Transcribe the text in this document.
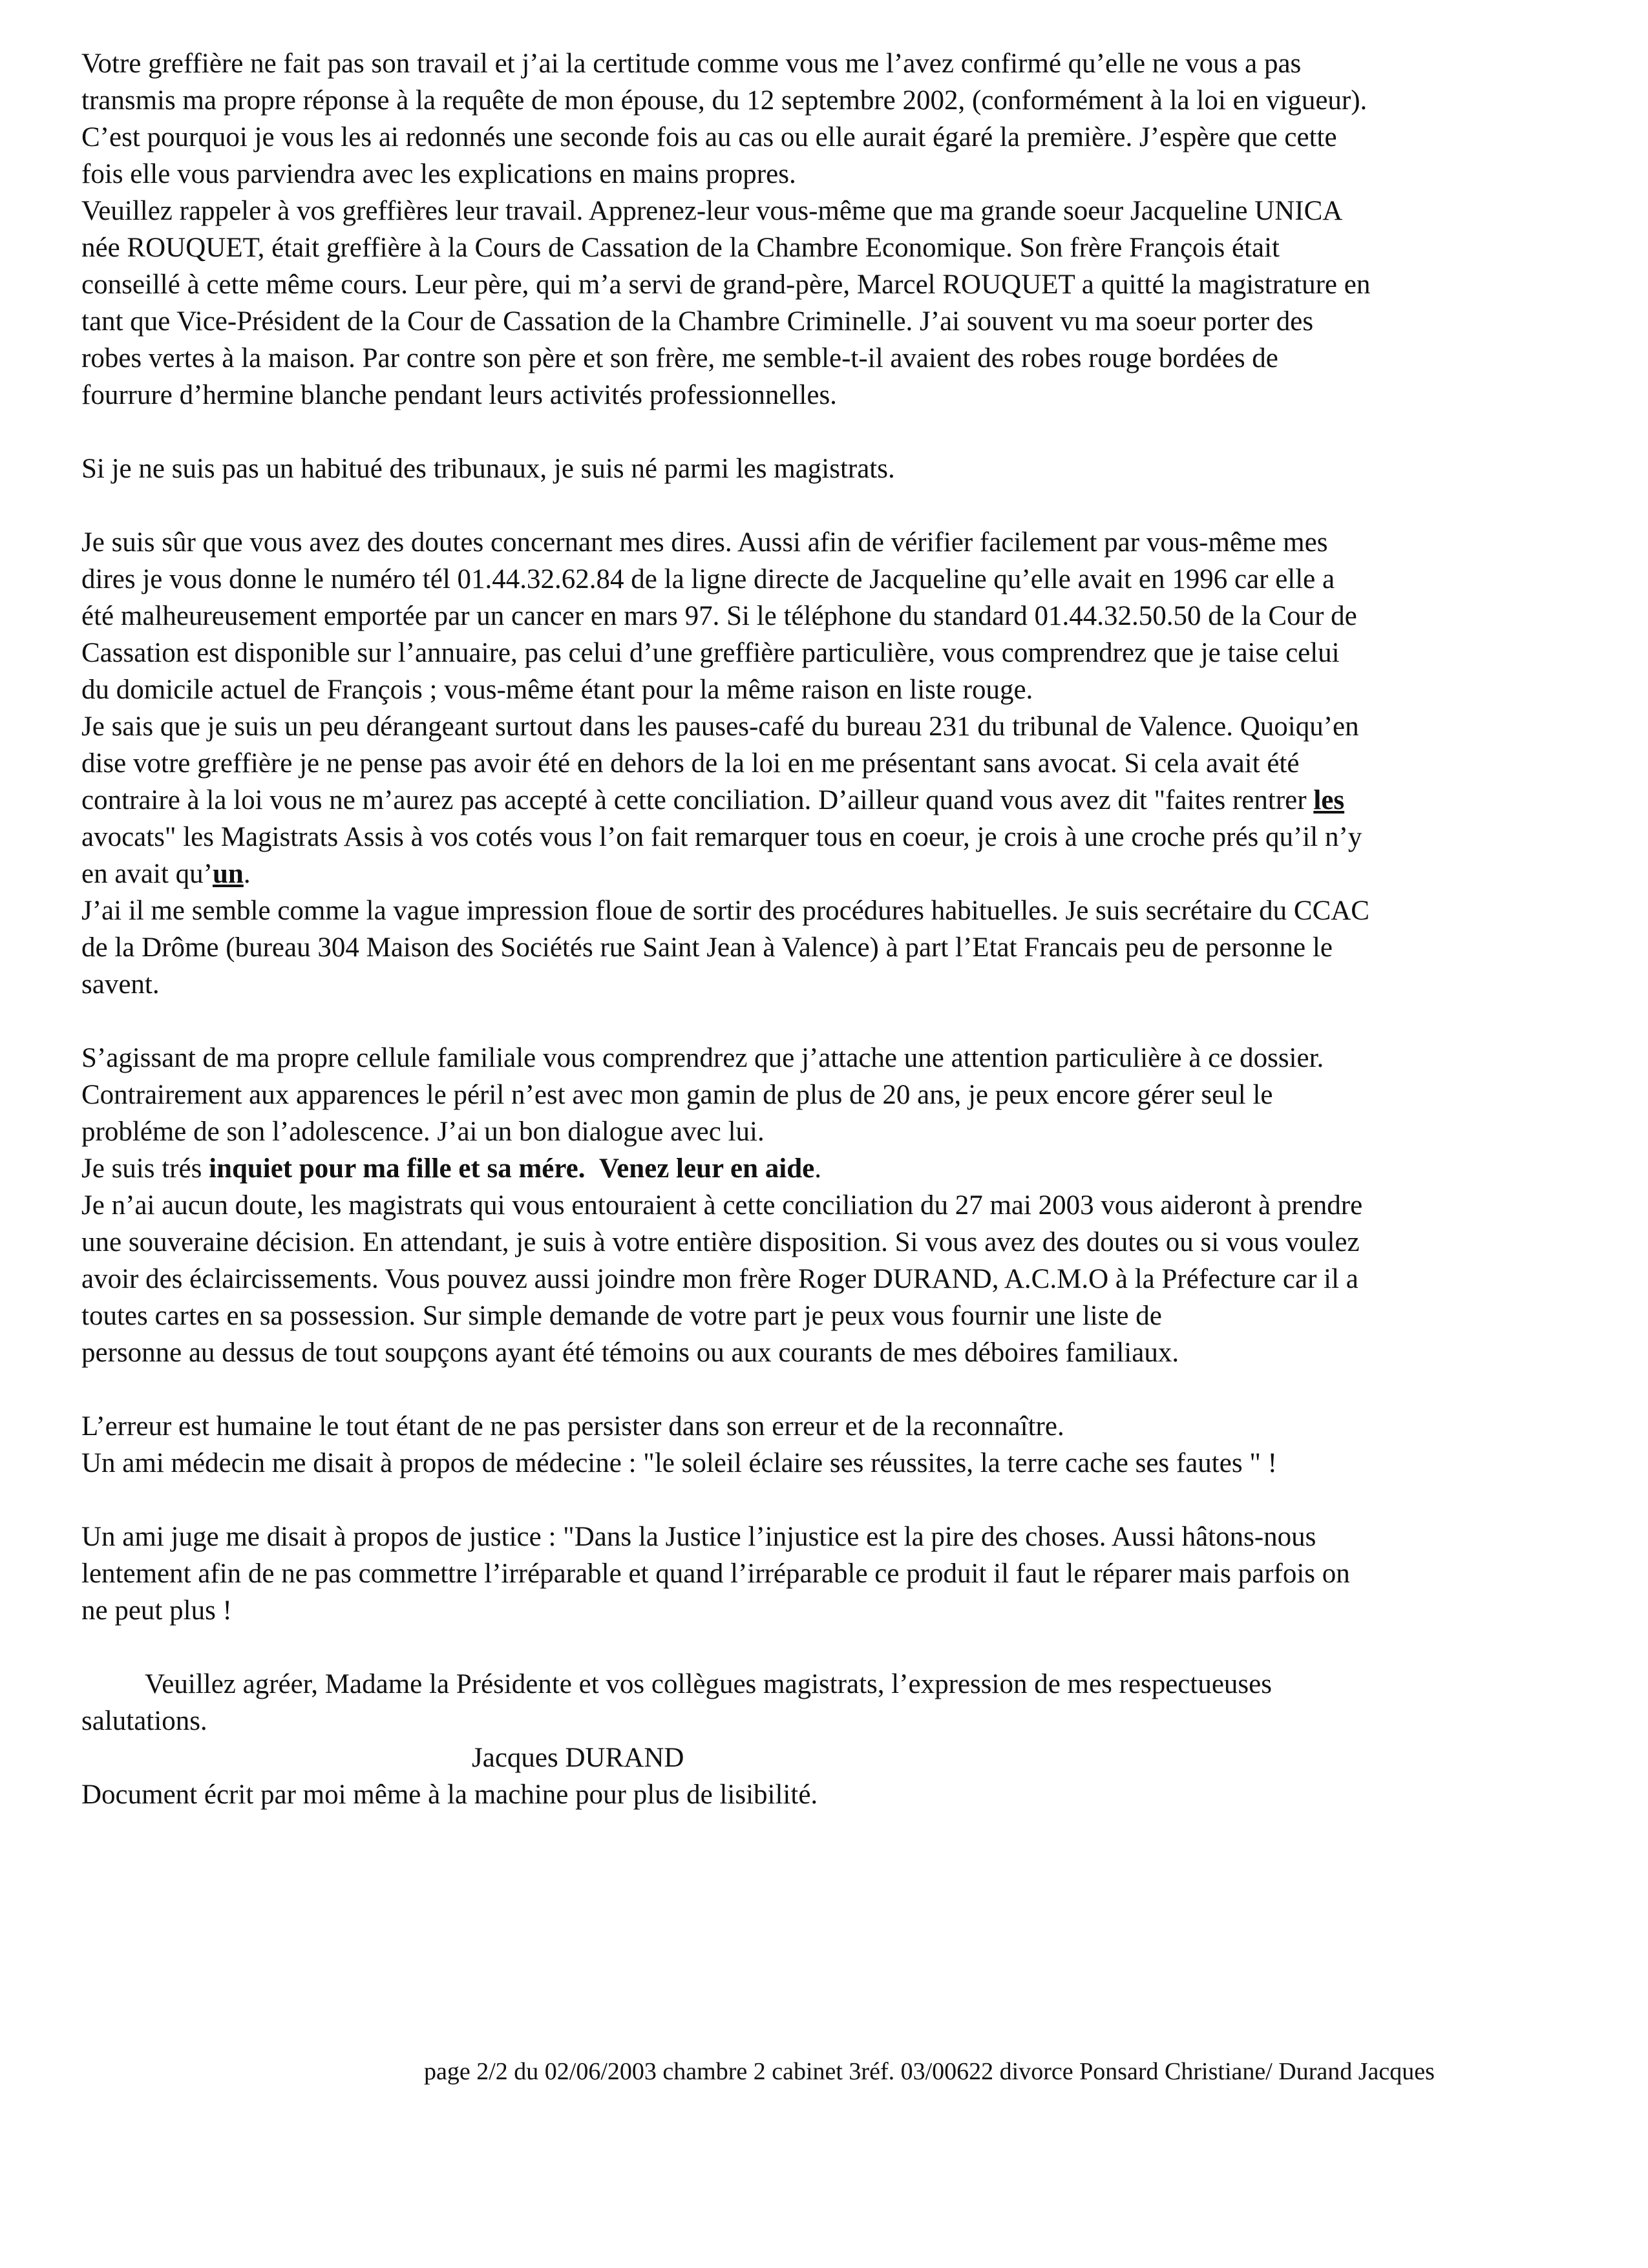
Votre greffière ne fait pas son travail et j’ai la certitude comme vous me l’avez confirmé qu’elle ne vous a pas
transmis ma propre réponse à la requête de mon épouse, du 12 septembre 2002, (conformément à la loi en vigueur).
C’est pourquoi je vous les ai redonnés une seconde fois au cas ou elle aurait égaré la première. J’espère que cette
fois elle vous parviendra avec les explications en mains propres.

Veuillez rappeler à vos greffières leur travail. Apprenez-leur vous-même que ma grande soeur Jacqueline UNICA
née ROUQUET, était greffière à la Cours de Cassation de la Chambre Economique. Son frère François était
conseillé à cette même cours. Leur père, qui m’a servi de grand-père, Marcel ROUQUET a quitté la magistrature en
tant que Vice-Président de la Cour de Cassation de la Chambre Criminelle. J’ai souvent vu ma soeur porter des
robes vertes à la maison. Par contre son père et son frère, me semble-t-il avaient des robes rouge bordées de
fourrure d’hermine blanche pendant leurs activités professionnelles.

Si je ne suis pas un habitué des tribunaux, je suis né parmi les magistrats.

Je suis sûr que vous avez des doutes concernant mes dires. Aussi afin de vérifier facilement par vous-même mes
dires je vous donne le numéro tél 01.44.32.62.84 de la ligne directe de Jacqueline qu’elle avait en 1996 car elle a
été malheureusement emportée par un cancer en mars 97. Si le téléphone du standard 01.44.32.50.50 de la Cour de
Cassation est disponible sur l’annuaire, pas celui d’une greffière particulière, vous comprendrez que je taise celui
du domicile actuel de François ; vous-même étant pour la même raison en liste rouge.

Je sais que je suis un peu dérangeant surtout dans les pauses-café du bureau 231 du tribunal de Valence. Quoiqu’en
dise votre greffière je ne pense pas avoir été en dehors de la loi en me présentant sans avocat. Si cela avait été
contraire à la loi vous ne m’aurez pas accepté à cette conciliation. D’ailleur quand vous avez dit "faites rentrer les
avocats" les Magistrats Assis à vos cotés vous l’on fait remarquer tous en coeur, je crois à une croche prés qu’il n’y
en avait qu’un.

J’ai il me semble comme la vague impression floue de sortir des procédures habituelles. Je suis secrétaire du CCAC
de la Drôme (bureau 304 Maison des Sociétés rue Saint Jean à Valence) à part l’Etat Francais peu de personne le
savent.

S’agissant de ma propre cellule familiale vous comprendrez que j’attache une attention particulière à ce dossier.
Contrairement aux apparences le péril n’est avec mon gamin de plus de 20 ans, je peux encore gérer seul le
probléme de son l’adolescence. J’ai un bon dialogue avec lui.

Je suis trés inquiet pour ma fille et sa mére. Venez leur en aide.

Je n’ai aucun doute, les magistrats qui vous entouraient à cette conciliation du 27 mai 2003 vous aideront à prendre
une souveraine décision. En attendant, je suis à votre entière disposition. Si vous avez des doutes ou si vous voulez
avoir des éclaircissements. Vous pouvez aussi joindre mon frère Roger DURAND, A.C.M.O à la Préfecture car il a
toutes cartes en sa possession. Sur simple demande de votre part je peux vous fournir une liste de
personne au dessus de tout soupçons ayant été témoins ou aux courants de mes déboires familiaux.

L’erreur est humaine le tout étant de ne pas persister dans son erreur et de la reconnaître.
Un ami médecin me disait à propos de médecine : "le soleil éclaire ses réussites, la terre cache ses fautes " !

Un ami juge me disait à propos de justice : "Dans la Justice l’injustice est la pire des choses. Aussi hâtons-nous
lentement afin de ne pas commettre l’irréparable et quand l’irréparable ce produit il faut le réparer mais parfois on
ne peut plus !

Veuillez agréer, Madame la Présidente et vos collègues magistrats, l’expression de mes respectueuses
salutations.

Jacques DURAND

Document écrit par moi même à la machine pour plus de lisibilité.

page 2/2 du 02/06/2003 chambre 2 cabinet 3réf. 03/00622 divorce Ponsard Christiane/ Durand Jacques
